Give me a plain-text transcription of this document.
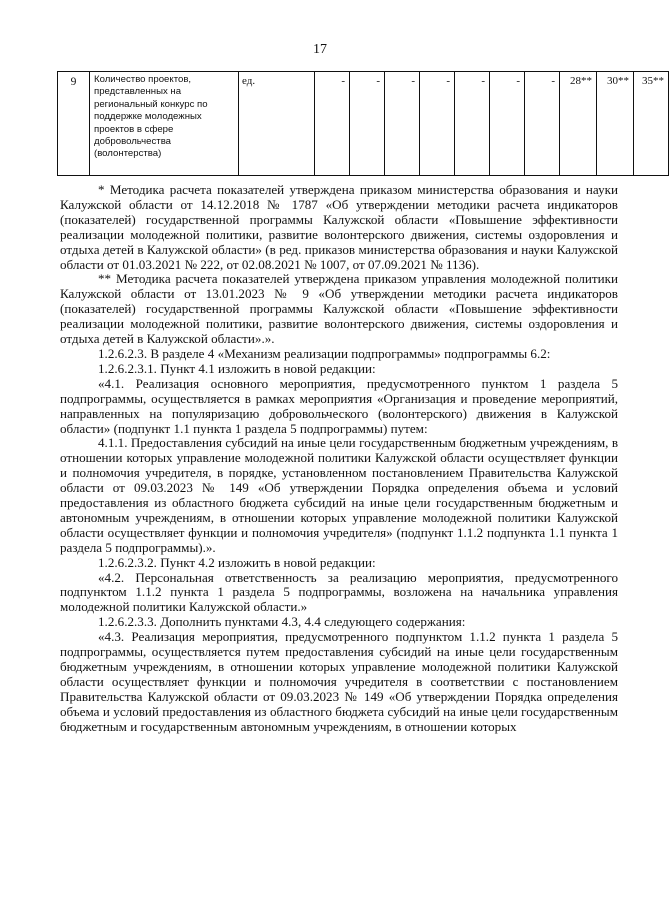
17
9	Количество проектов, представленных на региональный конкурс по поддержке молодежных проектов в сфере добровольчества (волонтерства)	ед.	-	-	-	-	-	-	-	28**	30**	35**

* Методика расчета показателей утверждена приказом министерства образования и науки Калужской области от 14.12.2018 № 1787 «Об утверждении методики расчета индикаторов (показателей) государственной программы Калужской области «Повышение эффективности реализации молодежной политики, развитие волонтерского движения, системы оздоровления и отдыха детей в Калужской области» (в ред. приказов министерства образования и науки Калужской области от 01.03.2021 № 222, от 02.08.2021 № 1007, от 07.09.2021 № 1136).

** Методика расчета показателей утверждена приказом управления молодежной политики Калужской области от 13.01.2023 № 9 «Об утверждении методики расчета индикаторов (показателей) государственной программы Калужской области «Повышение эффективности реализации молодежной политики, развитие волонтерского движения, системы оздоровления и отдыха детей в Калужской области».».

1.2.6.2.3. В разделе 4 «Механизм реализации подпрограммы» подпрограммы 6.2:

1.2.6.2.3.1. Пункт 4.1 изложить в новой редакции:

«4.1. Реализация основного мероприятия, предусмотренного пунктом 1 раздела 5 подпрограммы, осуществляется в рамках мероприятия «Организация и проведение мероприятий, направленных на популяризацию добровольческого (волонтерского) движения в Калужской области» (подпункт 1.1 пункта 1 раздела 5 подпрограммы) путем:

4.1.1. Предоставления субсидий на иные цели государственным бюджетным учреждениям, в отношении которых управление молодежной политики Калужской области осуществляет функции и полномочия учредителя, в порядке, установленном постановлением Правительства Калужской области от 09.03.2023 № 149 «Об утверждении Порядка определения объема и условий предоставления из областного бюджета субсидий на иные цели государственным бюджетным и автономным учреждениям, в отношении которых управление молодежной политики Калужской области осуществляет функции и полномочия учредителя» (подпункт 1.1.2 подпункта 1.1 пункта 1 раздела 5 подпрограммы).».

1.2.6.2.3.2. Пункт 4.2 изложить в новой редакции:

«4.2. Персональная ответственность за реализацию мероприятия, предусмотренного подпунктом 1.1.2 пункта 1 раздела 5 подпрограммы, возложена на начальника управления молодежной политики Калужской области.»

1.2.6.2.3.3. Дополнить пунктами 4.3, 4.4 следующего содержания:

«4.3. Реализация мероприятия, предусмотренного подпунктом 1.1.2 пункта 1 раздела 5 подпрограммы, осуществляется путем предоставления субсидий на иные цели государственным бюджетным учреждениям, в отношении которых управление молодежной политики Калужской области осуществляет функции и полномочия учредителя в соответствии с постановлением Правительства Калужской области от 09.03.2023 № 149 «Об утверждении Порядка определения объема и условий предоставления из областного бюджета субсидий на иные цели государственным бюджетным и государственным автономным учреждениям, в отношении которых
